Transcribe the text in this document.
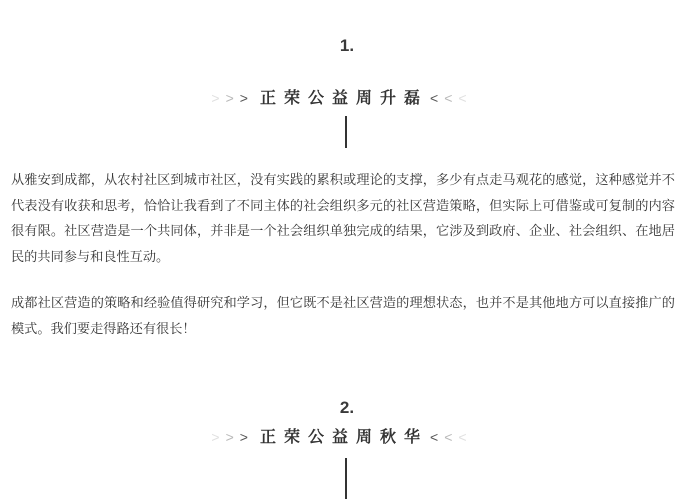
1.
>>> 正荣公益周升磊 <<<

从雅安到成都，从农村社区到城市社区，没有实践的累积或理论的支撑，多少有点走马观花的感觉，这种感觉并不代表没有收获和思考，恰恰让我看到了不同主体的社会组织多元的社区营造策略，但实际上可借鉴或可复制的内容很有限。社区营造是一个共同体，并非是一个社会组织单独完成的结果，它涉及到政府、企业、社会组织、在地居民的共同参与和良性互动。

成都社区营造的策略和经验值得研究和学习，但它既不是社区营造的理想状态，也并不是其他地方可以直接推广的模式。我们要走得路还有很长！

2.
>>> 正荣公益周秋华 <<<
